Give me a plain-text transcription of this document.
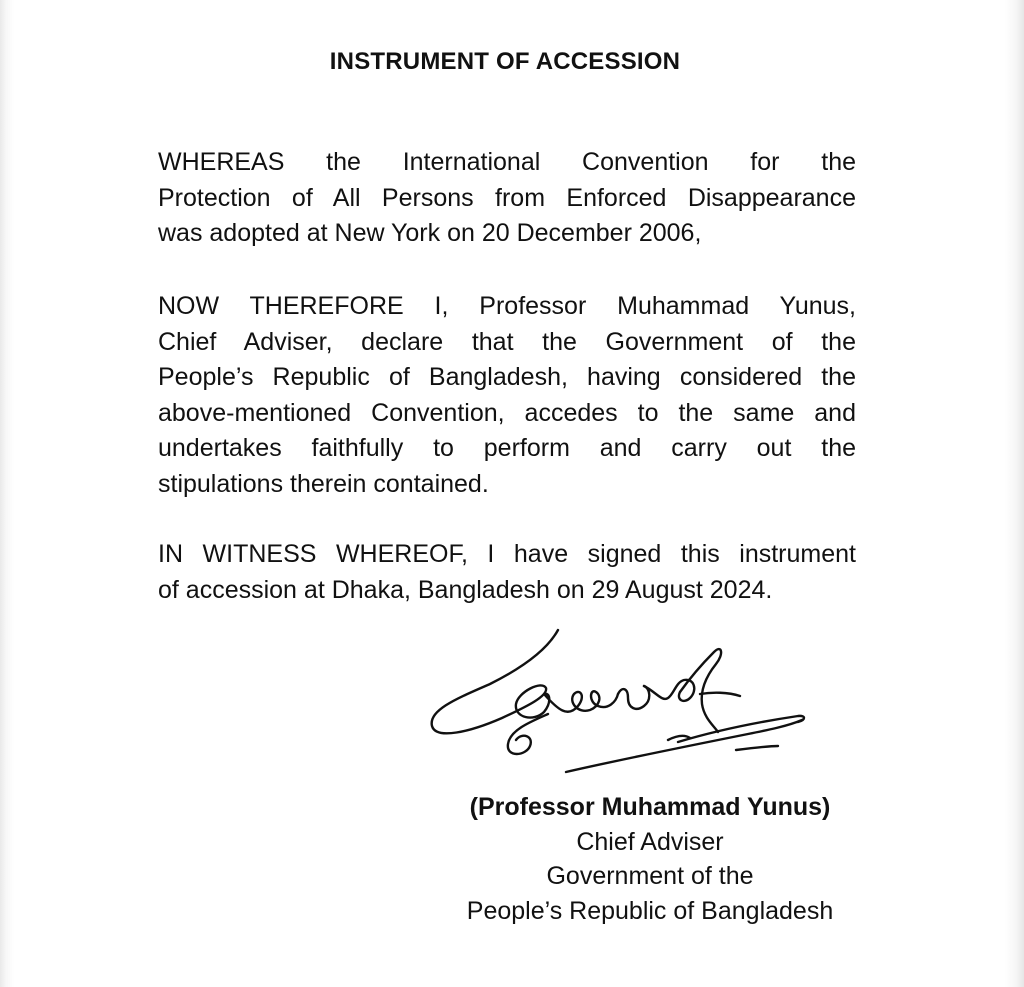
INSTRUMENT OF ACCESSION
WHEREAS the International Convention for the
Protection of All Persons from Enforced Disappearance
was adopted at New York on 20 December 2006,
NOW THEREFORE I, Professor Muhammad Yunus,
Chief Adviser, declare that the Government of the
People’s Republic of Bangladesh, having considered the
above-mentioned Convention, accedes to the same and
undertakes faithfully to perform and carry out the
stipulations therein contained.
IN WITNESS WHEREOF, I have signed this instrument
of accession at Dhaka, Bangladesh on 29 August 2024.
(Professor Muhammad Yunus)
Chief Adviser
Government of the
People’s Republic of Bangladesh
